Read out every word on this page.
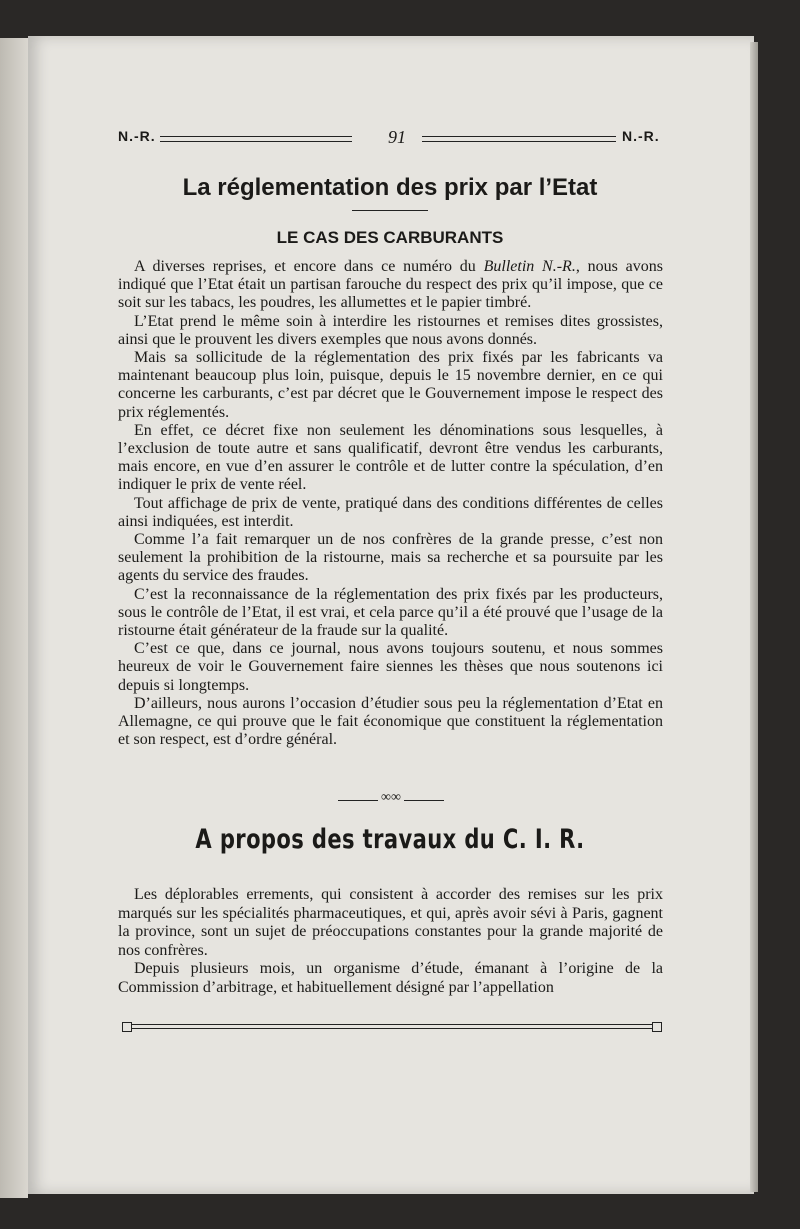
N.-R.	91	N.-R.
La réglementation des prix par l’Etat
LE CAS DES CARBURANTS

A diverses reprises, et encore dans ce numéro du Bulletin N.-R., nous avons indiqué que l’Etat était un partisan farouche du respect des prix qu’il impose, que ce soit sur les tabacs, les poudres, les allumettes et le papier timbré.

L’Etat prend le même soin à interdire les ristournes et remises dites grossistes, ainsi que le prouvent les divers exemples que nous avons donnés.

Mais sa sollicitude de la réglementation des prix fixés par les fabricants va maintenant beaucoup plus loin, puisque, depuis le 15 novembre dernier, en ce qui concerne les carburants, c’est par décret que le Gouvernement impose le respect des prix réglementés.

En effet, ce décret fixe non seulement les dénominations sous lesquelles, à l’exclusion de toute autre et sans qualificatif, devront être vendus les carburants, mais encore, en vue d’en assurer le contrôle et de lutter contre la spéculation, d’en indiquer le prix de vente réel.

Tout affichage de prix de vente, pratiqué dans des conditions différentes de celles ainsi indiquées, est interdit.

Comme l’a fait remarquer un de nos confrères de la grande presse, c’est non seulement la prohibition de la ristourne, mais sa recherche et sa poursuite par les agents du service des fraudes.

C’est la reconnaissance de la réglementation des prix fixés par les producteurs, sous le contrôle de l’Etat, il est vrai, et cela parce qu’il a été prouvé que l’usage de la ristourne était générateur de la fraude sur la qualité.

C’est ce que, dans ce journal, nous avons toujours soutenu, et nous sommes heureux de voir le Gouvernement faire siennes les thèses que nous soutenons ici depuis si longtemps.

D’ailleurs, nous aurons l’occasion d’étudier sous peu la réglementation d’Etat en Allemagne, ce qui prouve que le fait économique que constituent la réglementation et son respect, est d’ordre général.

∞∞
A propos des travaux du C. I. R.

Les déplorables errements, qui consistent à accorder des remises sur les prix marqués sur les spécialités pharmaceutiques, et qui, après avoir sévi à Paris, gagnent la province, sont un sujet de préoccupations constantes pour la grande majorité de nos confrères.

Depuis plusieurs mois, un organisme d’étude, émanant à l’origine de la Commission d’arbitrage, et habituellement désigné par l’appellation
